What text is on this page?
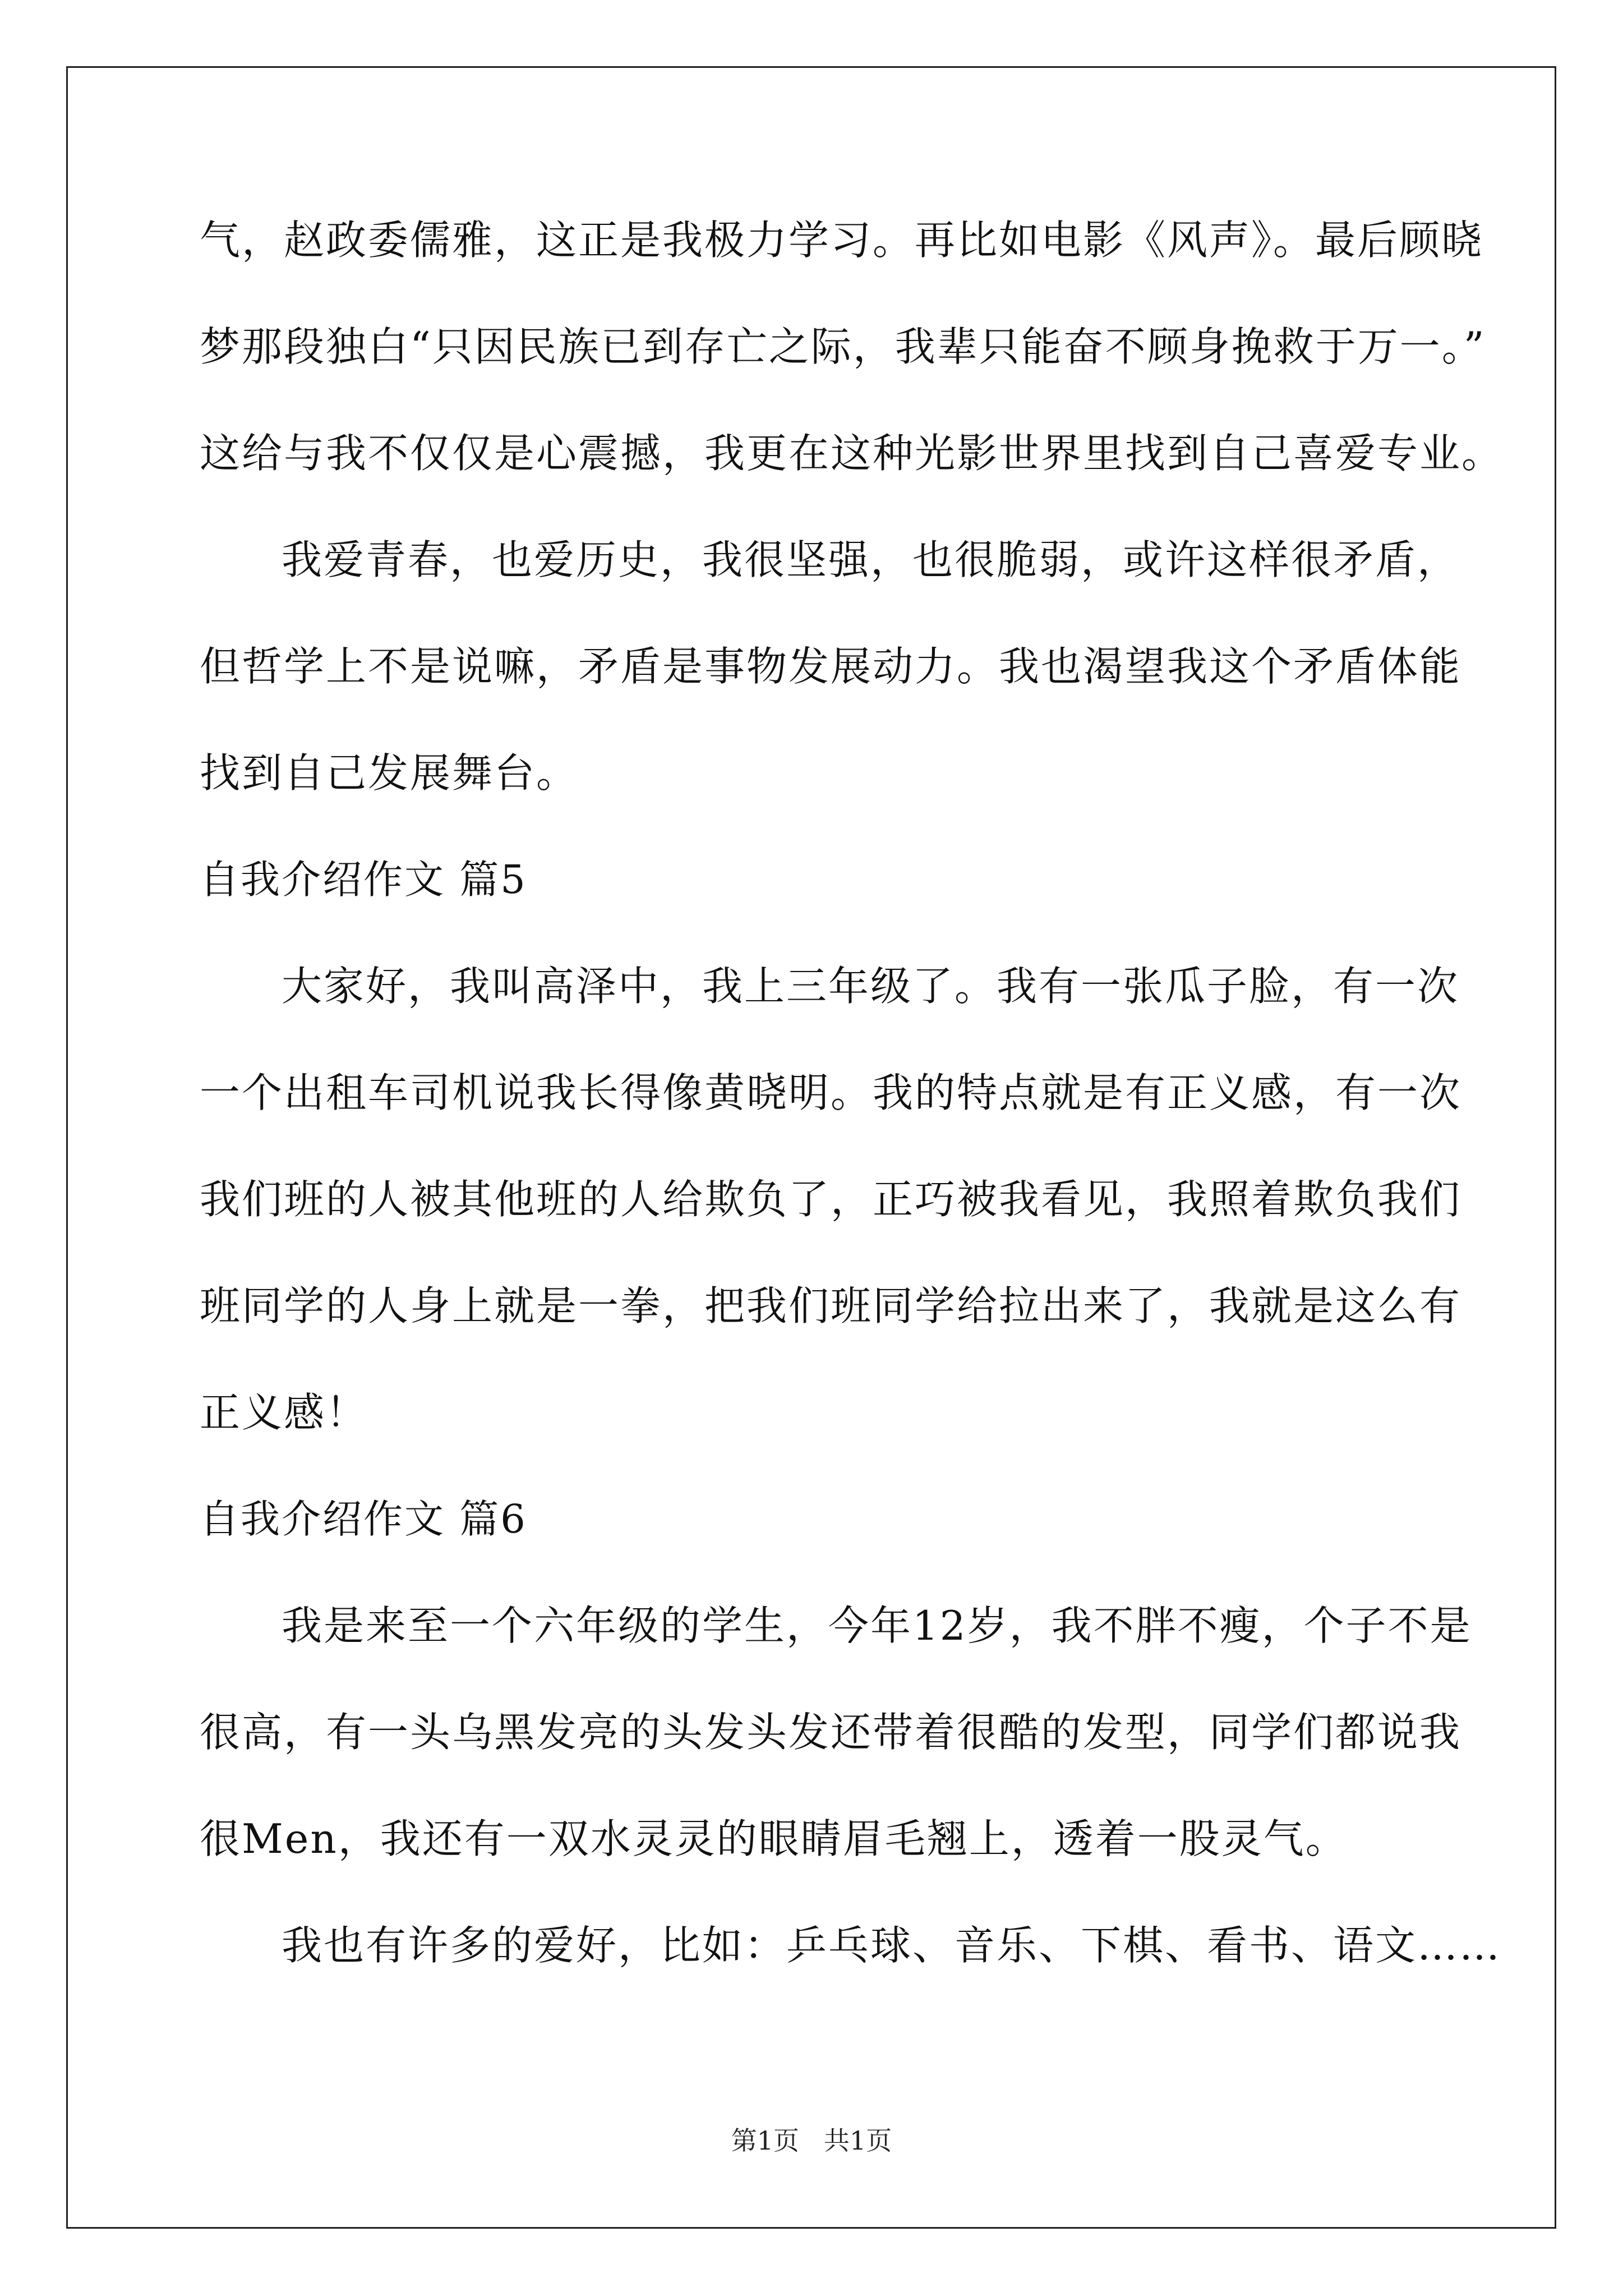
气，赵政委儒雅，这正是我极力学习。再比如电影《风声》。最后顾晓
梦那段独白“只因民族已到存亡之际，我辈只能奋不顾身挽救于万一。”
这给与我不仅仅是心震撼，我更在这种光影世界里找到自己喜爱专业。
我爱青春，也爱历史，我很坚强，也很脆弱，或许这样很矛盾，
但哲学上不是说嘛，矛盾是事物发展动力。我也渴望我这个矛盾体能
找到自己发展舞台。
自我介绍作文 篇5
大家好，我叫高泽中，我上三年级了。我有一张瓜子脸，有一次
一个出租车司机说我长得像黄晓明。我的特点就是有正义感，有一次
我们班的人被其他班的人给欺负了，正巧被我看见，我照着欺负我们
班同学的人身上就是一拳，把我们班同学给拉出来了，我就是这么有
正义感！
自我介绍作文 篇6
我是来至一个六年级的学生，今年12岁，我不胖不瘦，个子不是
很高，有一头乌黑发亮的头发头发还带着很酷的发型，同学们都说我
很Men，我还有一双水灵灵的眼睛眉毛翘上，透着一股灵气。
我也有许多的爱好，比如：乒乓球、音乐、下棋、看书、语文……
第1页 共1页
